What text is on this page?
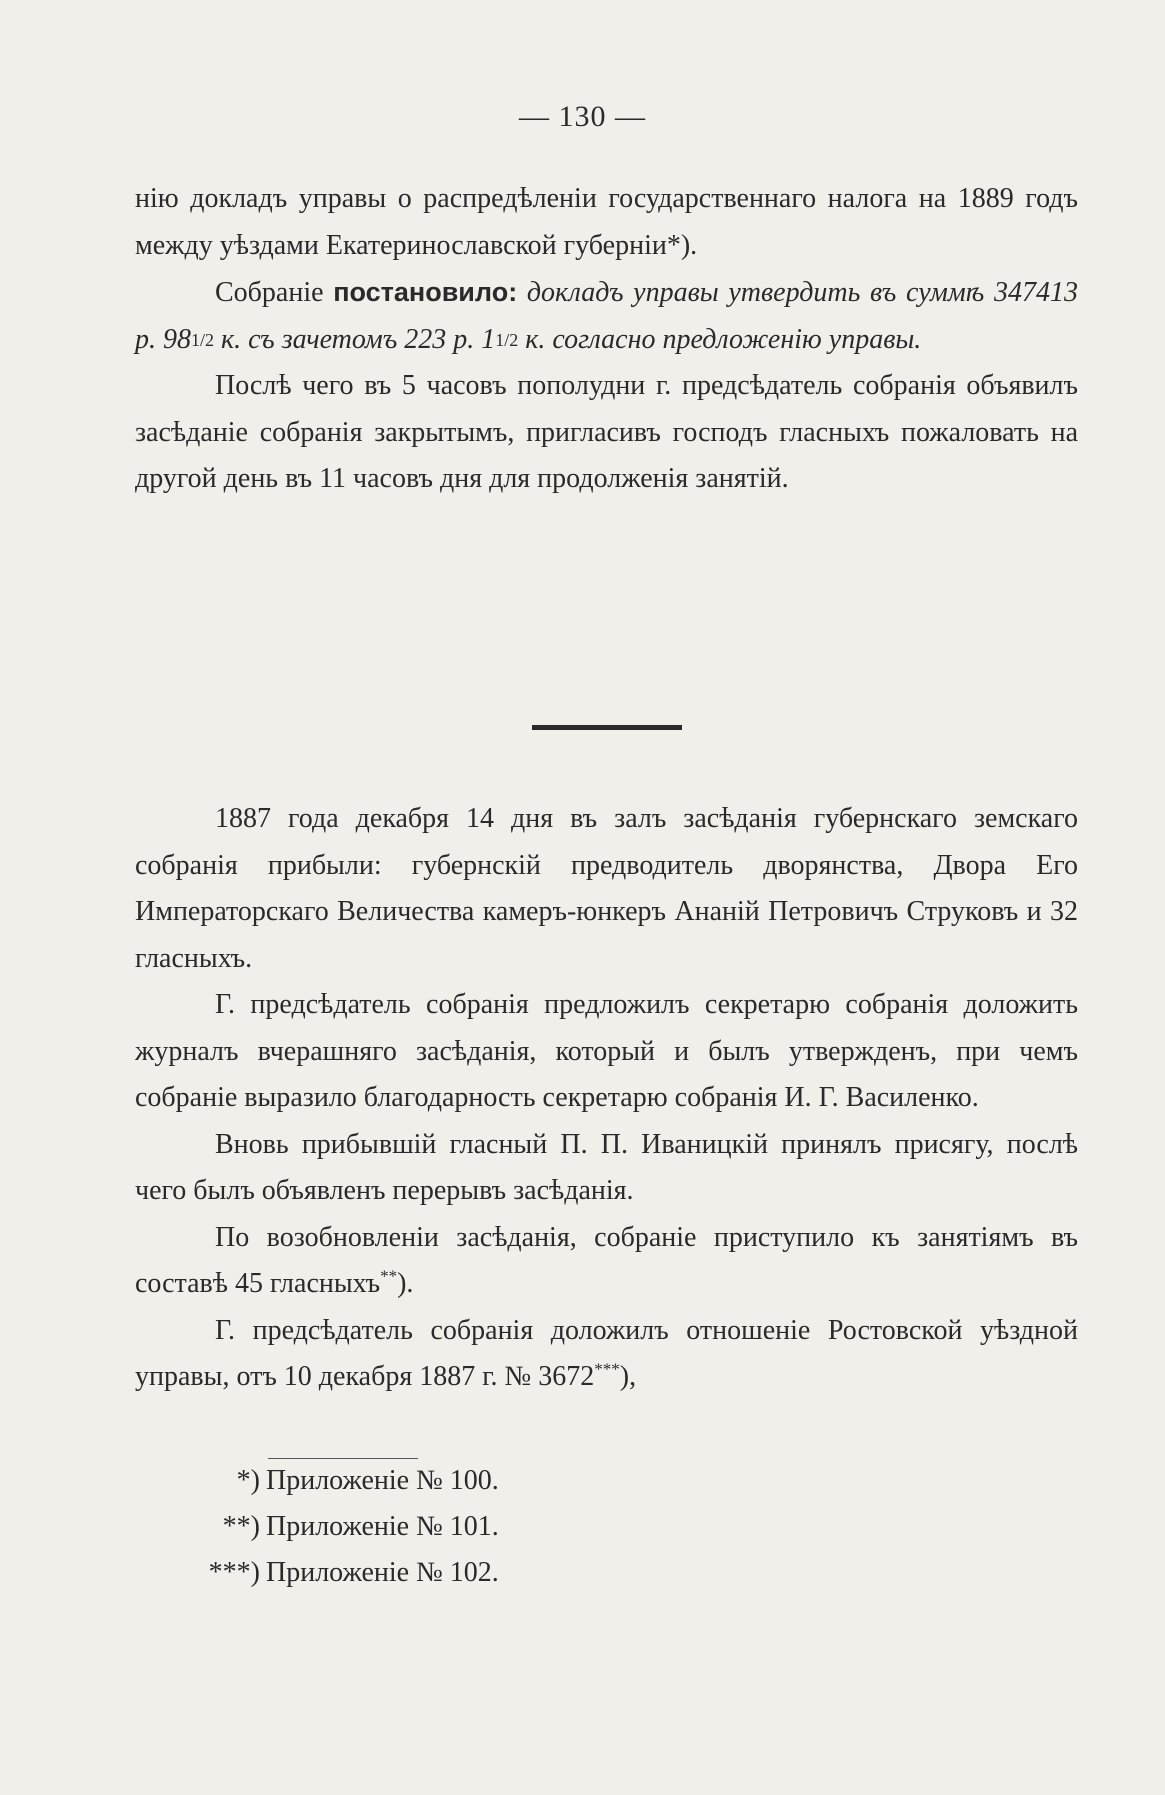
— 130 —

нію докладъ управы о распредѣленіи государственнаго налога на 1889 годъ между уѣздами Екатеринославской губерніи*).

Собраніе постановило: докладъ управы утвердить въ суммѣ 347413 р. $98^{1/2}$ к. съ зачетомъ 223 р. $1^{1/2}$ к. согласно предложенію управы.

Послѣ чего въ 5 часовъ пополудни г. предсѣдатель собранія объявилъ засѣданіе собранія закрытымъ, пригласивъ господъ гласныхъ пожаловать на другой день въ 11 часовъ дня для продолженія занятій.

1887 года декабря 14 дня въ залъ засѣданія губернскаго земскаго собранія прибыли: губернскій предводитель дворянства, Двора Его Императорскаго Величества камеръ-юнкеръ Ананій Петровичъ Струковъ и 32 гласныхъ.

Г. предсѣдатель собранія предложилъ секретарю собранія доложить журналъ вчерашняго засѣданія, который и былъ утвержденъ, при чемъ собраніе выразило благодарность секретарю собранія И. Г. Василенко.

Вновь прибывшій гласный П. П. Иваницкій принялъ присягу, послѣ чего былъ объявленъ перерывъ засѣданія.

По возобновленіи засѣданія, собраніе приступило къ занятіямъ въ составѣ 45 гласныхъ**).

Г. предсѣдатель собранія доложилъ отношеніе Ростовской уѣздной управы, отъ 10 декабря 1887 г. № 3672***),

*) Приложеніе № 100.
**) Приложеніе № 101.
***) Приложеніе № 102.
